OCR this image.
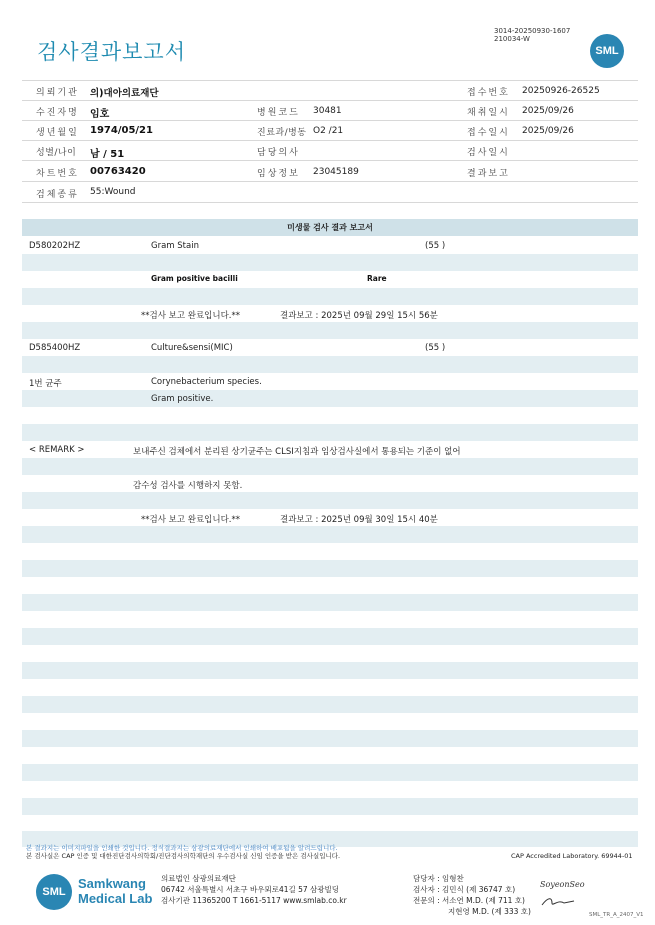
검사결과보고서
3014-20250930-1607
210034-W
SML
의뢰기관 의)대아의료재단
수진자명 임호
생년월일 1974/05/21
성별/나이 남 / 51
차트번호 00763420
검체종류 55:Wound
병원코드 30481
진료과/병동 O2 /21
담당의사
임상정보 23045189
접수번호 20250926-26525
채취일시 2025/09/26
접수일시 2025/09/26
검사일시
결과보고
미생물 검사 결과 보고서
D580202HZ	Gram Stain	(55 )
Gram positive bacilli	Rare
**검사 보고 완료입니다.**	결과보고 : 2025년 09월 29일 15시 56분
D585400HZ	Culture&sensi(MIC)	(55 )
1번 균주	Corynebacterium species.
Gram positive.
< REMARK >	보내주신 검체에서 분리된 상기균주는 CLSI지침과 임상검사실에서 통용되는 기준이 없어
감수성 검사를 시행하지 못함.
**검사 보고 완료입니다.**	결과보고 : 2025년 09월 30일 15시 40분
본 결과지는 이미지파일을 인쇄한 것입니다. 정식결과지는 삼광의료재단에서 인쇄하여 배포됨을 알려드립니다.
본 검사실은 CAP 인증 및 대한진단검사의학회/진단검사의학재단의 우수검사실 신임 인증을 받은 검사실입니다.	CAP Accredited Laboratory. 69944-01
SML
Samkwang
Medical Lab
의료법인 삼광의료재단
06742 서울특별시 서초구 바우뫼로41길 57 삼광빌딩
검사기관 11365200 T 1661-5117 www.smlab.co.kr
담당자 : 임형찬
검사자 : 김민식 (제 36747 호)
전문의 : 서소연 M.D. (제 711 호)
지현영 M.D. (제 333 호)
SoyeonSeo
SML_TR_A_2407_V1
